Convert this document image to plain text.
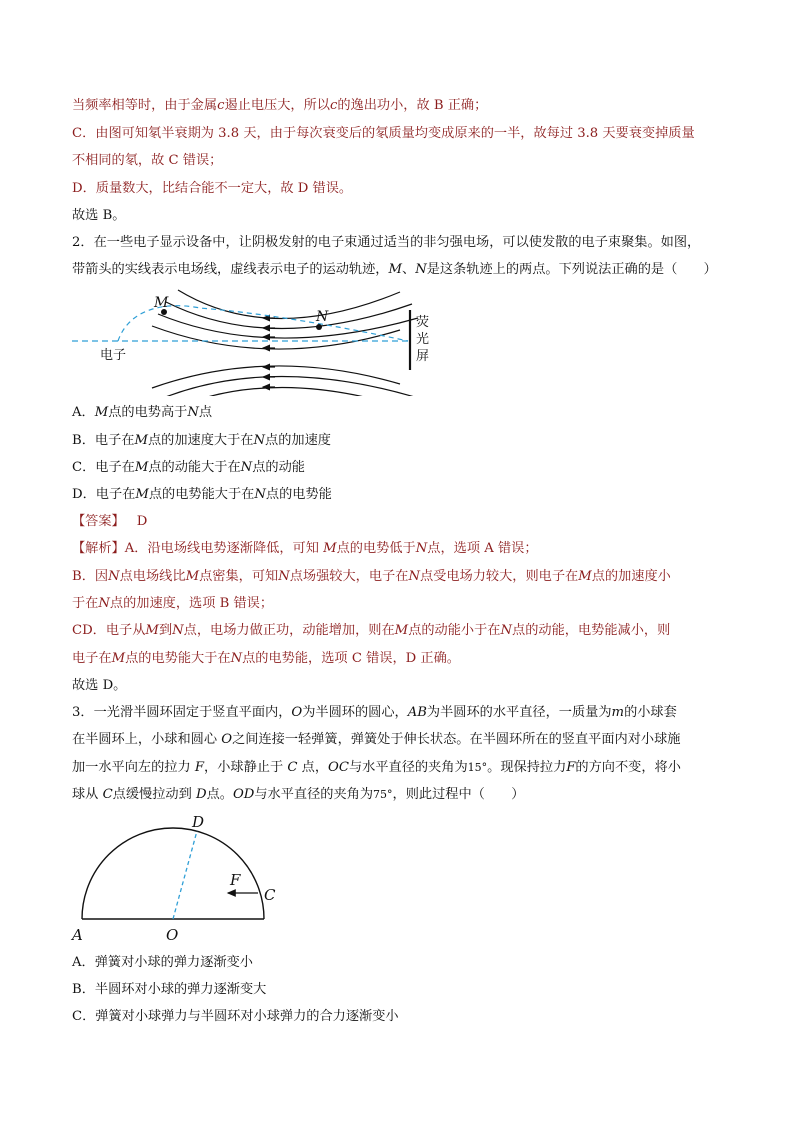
当频率相等时，由于金属c遏止电压大，所以c的逸出功小，故 B 正确；
C．由图可知氡半衰期为 3.8 天，由于每次衰变后的氡质量均变成原来的一半，故每过 3.8 天要衰变掉质量
不相同的氡，故 C 错误；
D．质量数大，比结合能不一定大，故 D 错误。
故选 B。
2．在一些电子显示设备中，让阴极发射的电子束通过适当的非匀强电场，可以使发散的电子束聚集。如图，
带箭头的实线表示电场线，虚线表示电子的运动轨迹，M、N是这条轨迹上的两点。下列说法正确的是（　　）
M
N
电子
荧
光
屏
A．M点的电势高于N点
B．电子在M点的加速度大于在N点的加速度
C．电子在M点的动能大于在N点的动能
D．电子在M点的电势能大于在N点的电势能
【答案】 D
【解析】A．沿电场线电势逐渐降低，可知 M点的电势低于N点，选项 A 错误；
B．因N点电场线比M点密集，可知N点场强较大，电子在N点受电场力较大，则电子在M点的加速度小
于在N点的加速度，选项 B 错误；
CD．电子从M到N点，电场力做正功，动能增加，则在M点的动能小于在N点的动能，电势能减小，则
电子在M点的电势能大于在N点的电势能，选项 C 错误，D 正确。
故选 D。
3．一光滑半圆环固定于竖直平面内，O为半圆环的圆心，AB为半圆环的水平直径，一质量为m的小球套
在半圆环上，小球和圆心 O之间连接一轻弹簧，弹簧处于伸长状态。在半圆环所在的竖直平面内对小球施
加一水平向左的拉力 F，小球静止于 C 点，OC与水平直径的夹角为15°。现保持拉力F的方向不变，将小
球从 C点缓慢拉动到 D点。OD与水平直径的夹角为75°，则此过程中（　　）
F
C
D
A	O
A．弹簧对小球的弹力逐渐变小
B．半圆环对小球的弹力逐渐变大
C．弹簧对小球弹力与半圆环对小球弹力的合力逐渐变小
